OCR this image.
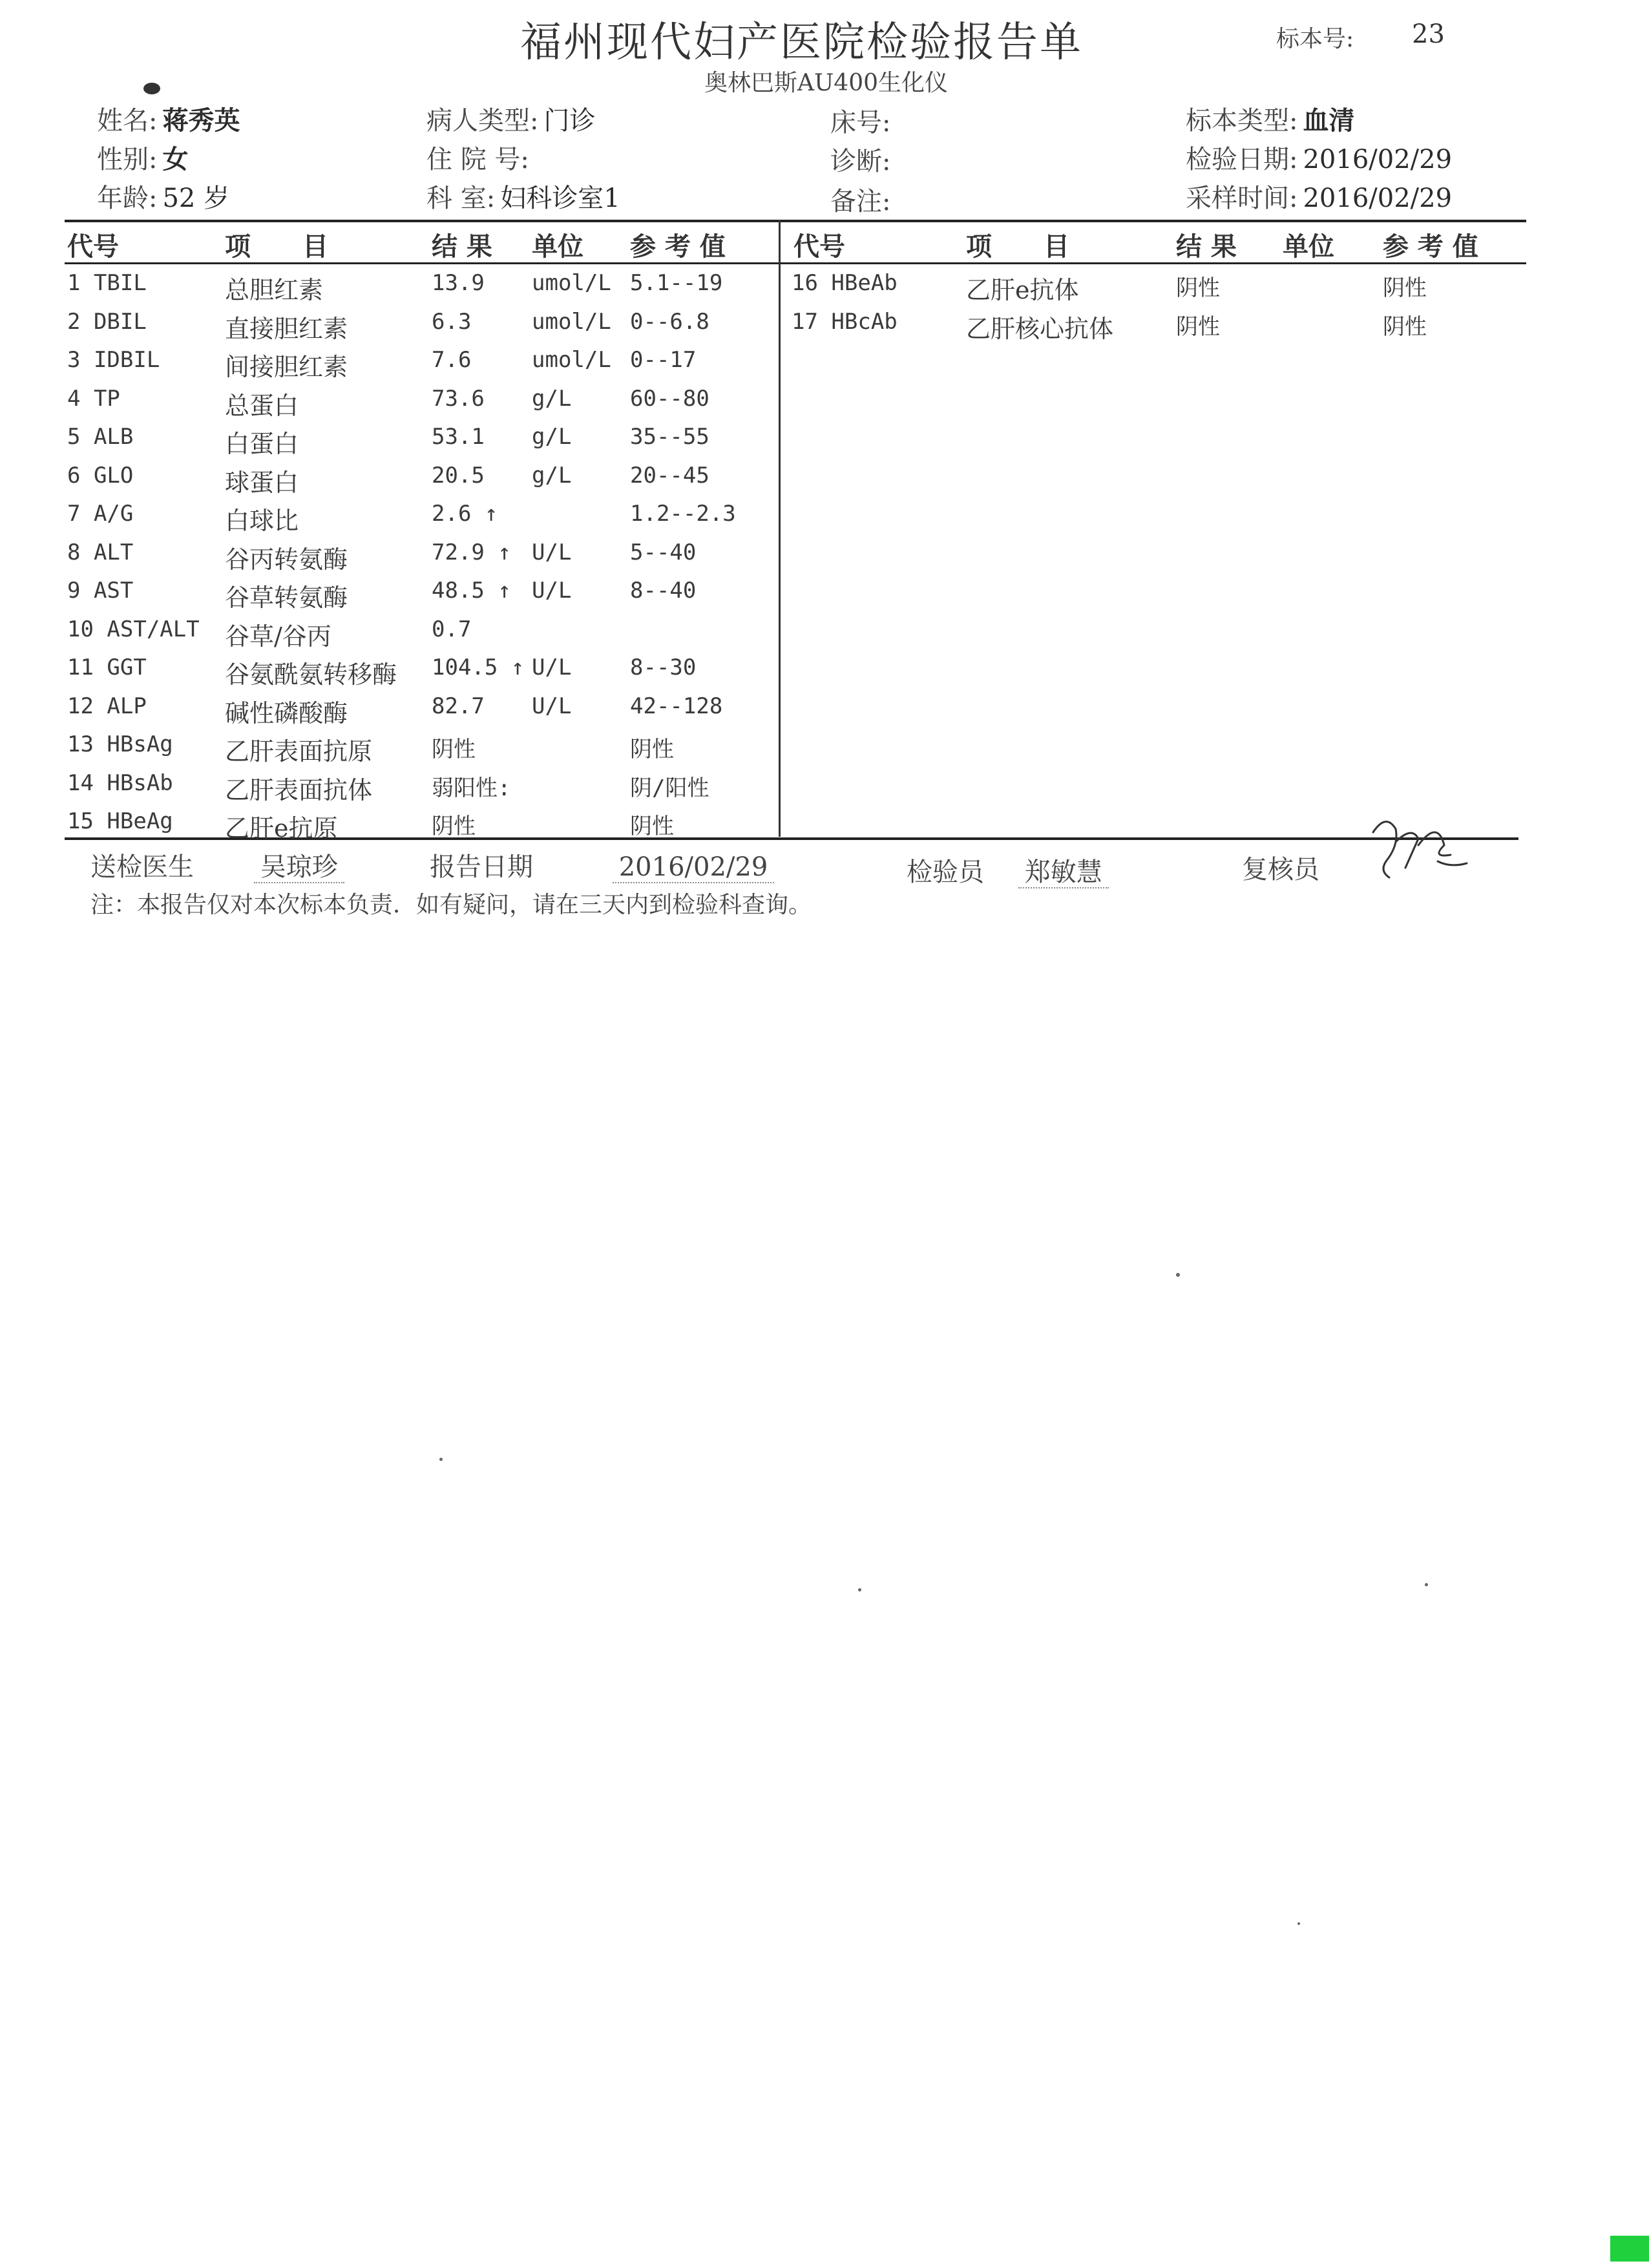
福州现代妇产医院检验报告单
奥林巴斯AU400生化仪
标本号: 23
姓名: 蒋秀英
性别: 女
年龄: 52 岁
病人类型: 门诊
住 院 号:
科 室: 妇科诊室1
床号:
诊断:
备注:
标本类型: 血清
检验日期: 2016/02/29
采样时间: 2016/02/29
代号	项　　目	结 果 单位 参 考 值	代号	项　　目	结 果 单位 参 考 值
1 TBIL	总胆红素	13.9 umol/L 5.1--19
2 DBIL	直接胆红素	6.3	umol/L 0--6.8
3 IDBIL	间接胆红素	7.6	umol/L 0--17
4 TP	总蛋白	73.6 g/L	60--80
5 ALB	白蛋白	53.1 g/L	35--55
6 GLO	球蛋白	20.5 g/L	20--45
7 A/G	白球比	2.6 ↑	1.2--2.3
8 ALT	谷丙转氨酶	72.9 ↑ U/L	5--40
9 AST	谷草转氨酶	48.5 ↑ U/L	8--40
10 AST/ALT 谷草/谷丙	0.7
11 GGT	谷氨酰氨转移酶 104.5 ↑ U/L	8--30
12 ALP	碱性磷酸酶	82.7 U/L	42--128
13 HBsAg 乙肝表面抗原	阴性	阴性
14 HBsAb 乙肝表面抗体	弱阳性:	阴/阳性
15 HBeAg 乙肝e抗原	阴性	阴性
16 HBeAb	乙肝e抗体	阴性	阴性
17 HBcAb	乙肝核心抗体	阴性	阴性
送检医生	吴琼珍	报告日期	2016/02/29	检验员 郑敏慧	复核员
注：本报告仅对本次标本负责．如有疑问，请在三天内到检验科查询。
